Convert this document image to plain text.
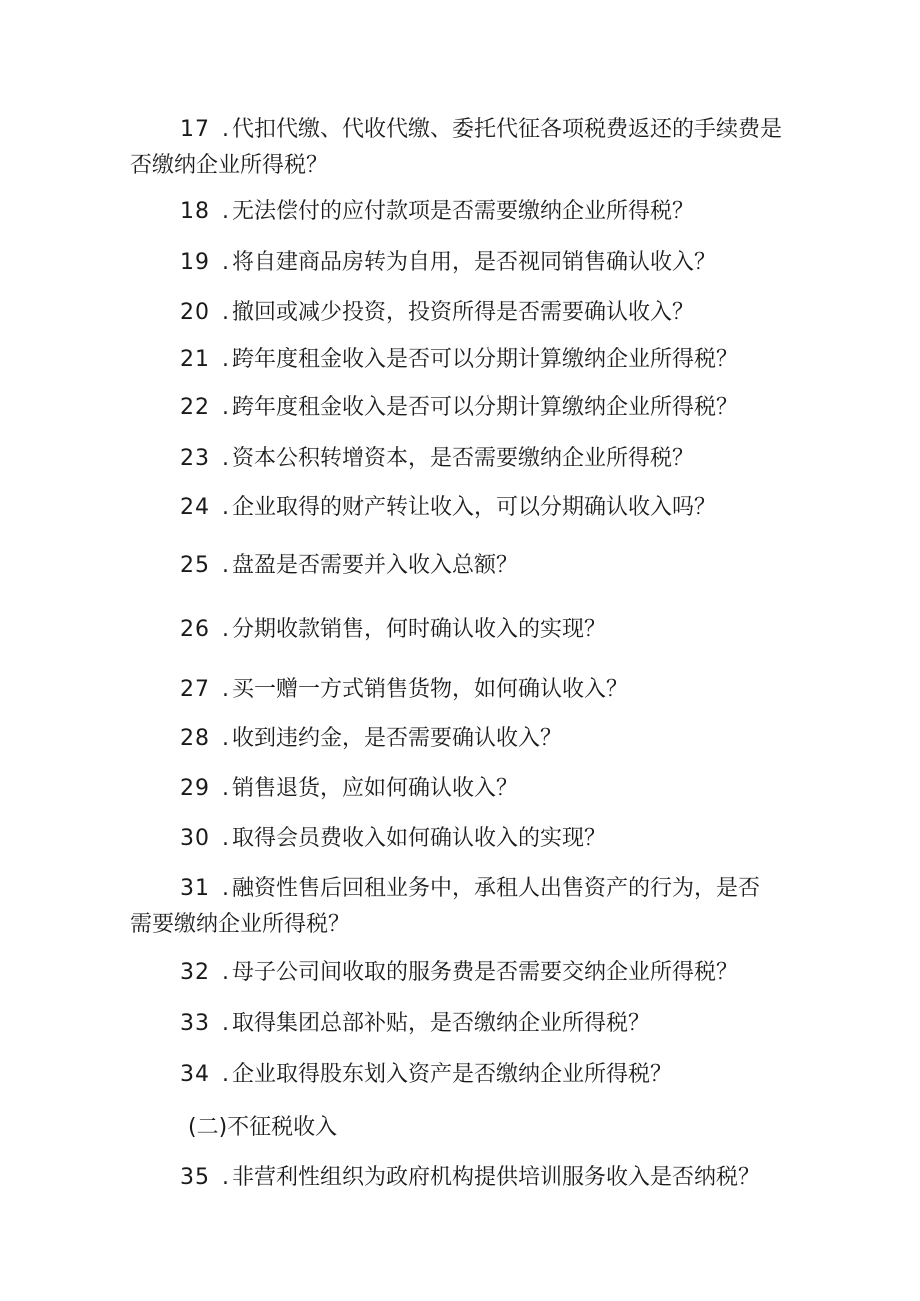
17 . 代扣代缴、代收代缴、委托代征各项税费返还的手续费是
否缴纳企业所得税？
18 . 无法偿付的应付款项是否需要缴纳企业所得税？
19 . 将自建商品房转为自用，是否视同销售确认收入？
20 . 撤回或减少投资，投资所得是否需要确认收入？
21 . 跨年度租金收入是否可以分期计算缴纳企业所得税？
22 . 跨年度租金收入是否可以分期计算缴纳企业所得税？
23 . 资本公积转增资本，是否需要缴纳企业所得税？
24 . 企业取得的财产转让收入，可以分期确认收入吗？
25 . 盘盈是否需要并入收入总额？
26 . 分期收款销售，何时确认收入的实现？
27 . 买一赠一方式销售货物，如何确认收入？
28 . 收到违约金，是否需要确认收入？
29 . 销售退货，应如何确认收入？
30 . 取得会员费收入如何确认收入的实现？
31 . 融资性售后回租业务中，承租人出售资产的行为，是否
需要缴纳企业所得税？
32 . 母子公司间收取的服务费是否需要交纳企业所得税？
33 . 取得集团总部补贴，是否缴纳企业所得税？
34 . 企业取得股东划入资产是否缴纳企业所得税？
(二)不征税收入
35 . 非营利性组织为政府机构提供培训服务收入是否纳税？
